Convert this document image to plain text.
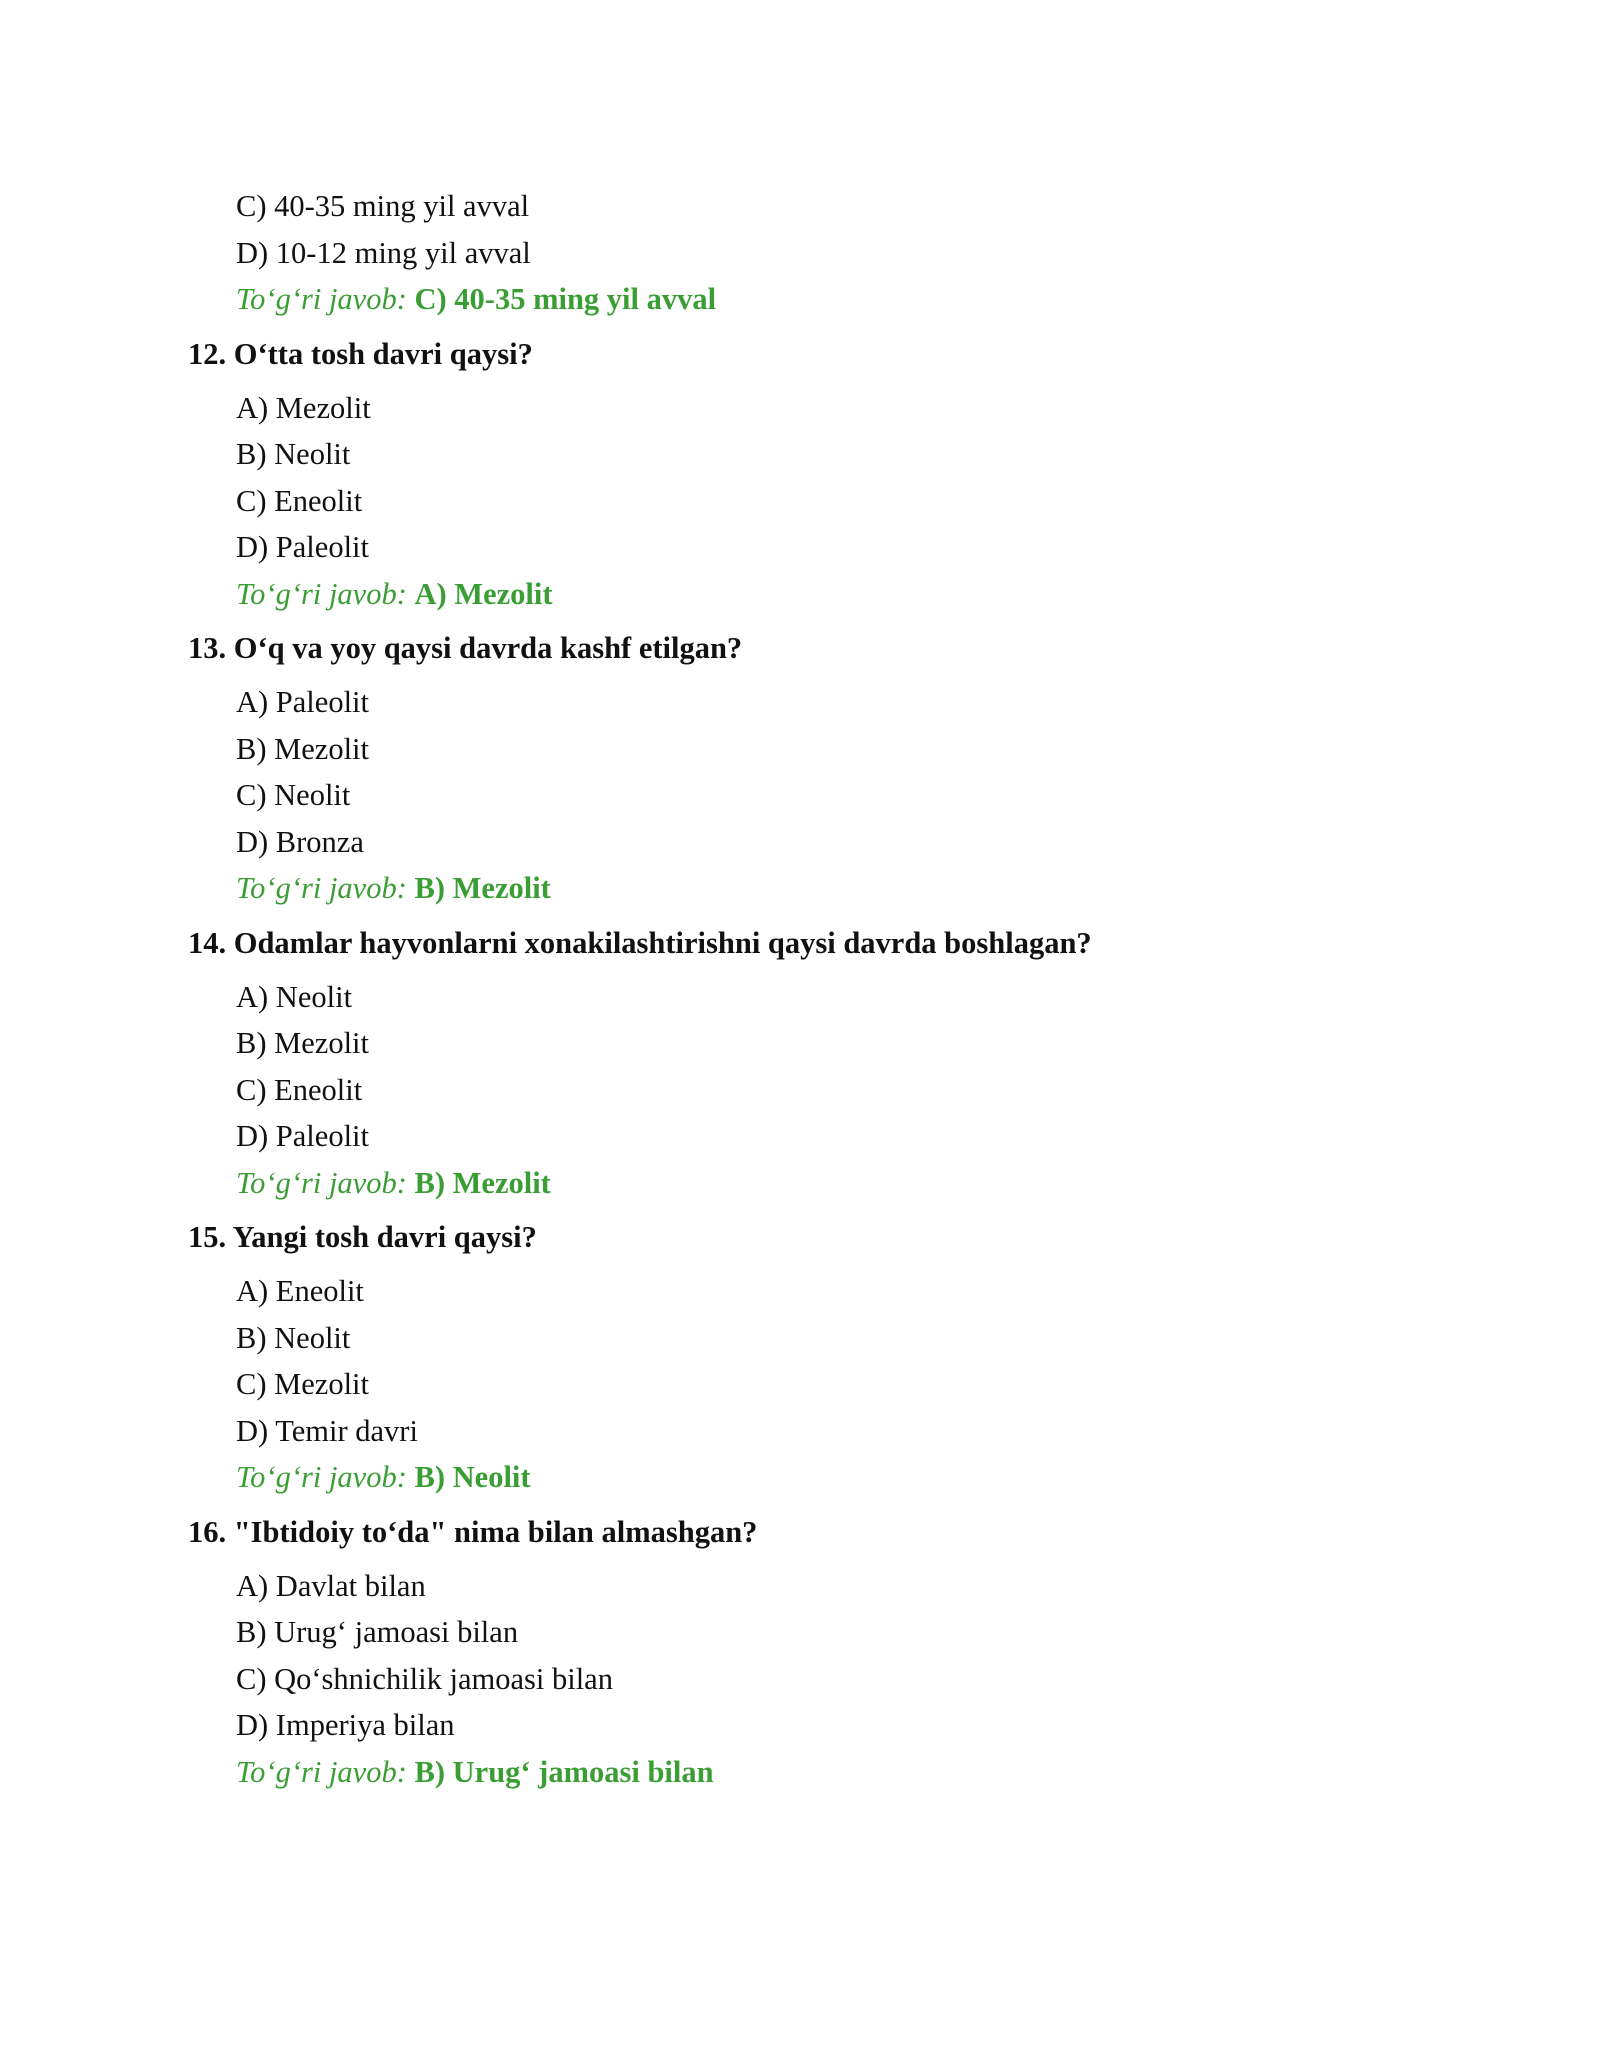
C) 40-35 ming yil avval
D) 10-12 ming yil avval
To‘g‘ri javob: C) 40-35 ming yil avval
12. O‘tta tosh davri qaysi?
A) Mezolit
B) Neolit
C) Eneolit
D) Paleolit
To‘g‘ri javob: A) Mezolit
13. O‘q va yoy qaysi davrda kashf etilgan?
A) Paleolit
B) Mezolit
C) Neolit
D) Bronza
To‘g‘ri javob: B) Mezolit
14. Odamlar hayvonlarni xonakilashtirishni qaysi davrda boshlagan?
A) Neolit
B) Mezolit
C) Eneolit
D) Paleolit
To‘g‘ri javob: B) Mezolit
15. Yangi tosh davri qaysi?
A) Eneolit
B) Neolit
C) Mezolit
D) Temir davri
To‘g‘ri javob: B) Neolit
16. "Ibtidoiy to‘da" nima bilan almashgan?
A) Davlat bilan
B) Urug‘ jamoasi bilan
C) Qo‘shnichilik jamoasi bilan
D) Imperiya bilan
To‘g‘ri javob: B) Urug‘ jamoasi bilan
